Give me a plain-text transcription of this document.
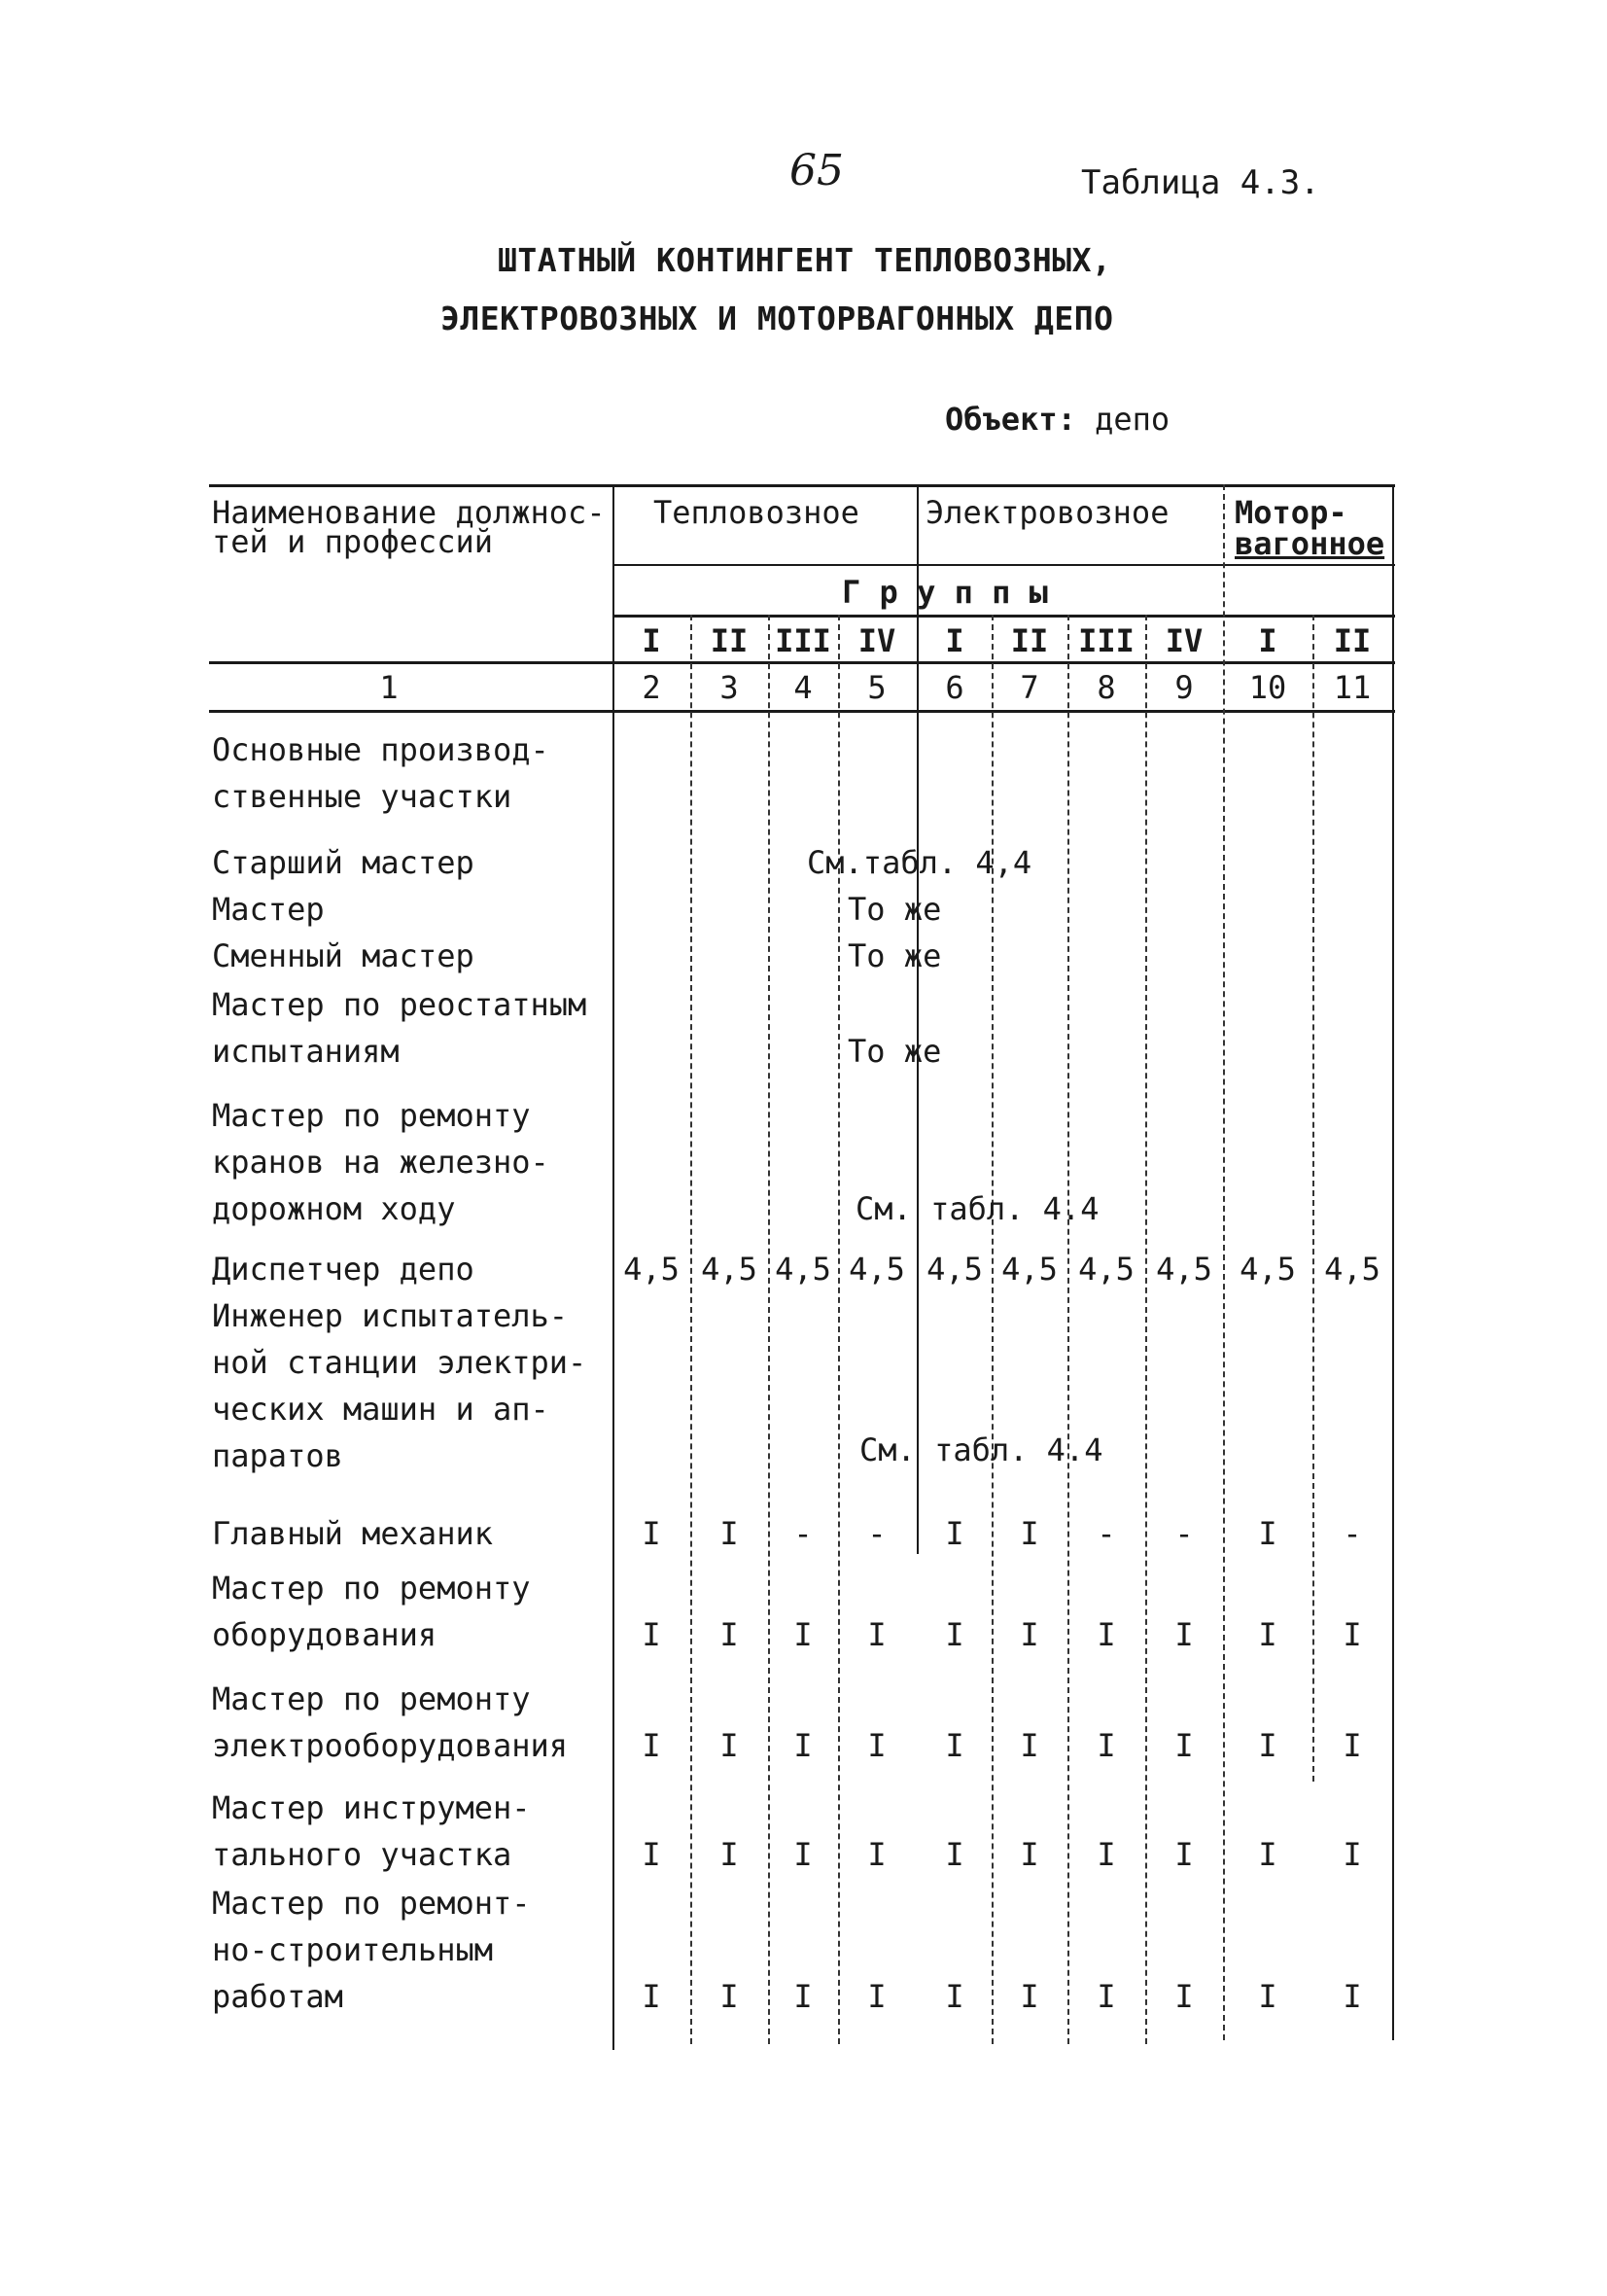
65	Таблица 4.3.
ШТАТНЫЙ КОНТИНГЕНТ ТЕПЛОВОЗНЫХ,
ЭЛЕКТРОВОЗНЫХ И МОТОРВАГОННЫХ ДЕПО
Объект: депо
Наименование должнос-
тей и профессий
Тепловозное Электровозное Мотор-
вагонное
Г р у п п ы
I	II III IV	I	II III IV	I	II
1	2	3	4	5	6	7	8	9	10	11
Основные производ-
ственные участки
Старший мастер	См.табл. 4,4
Мастер	То же
Сменный мастер	То же
Мастер по реостатным
испытаниям	То же
Мастер по ремонту
кранов на железно-
дорожном ходу	См. табл. 4.4
Диспетчер депо	4,5 4,5 4,5 4,5 4,5 4,5 4,5 4,5 4,5 4,5
Инженер испытатель-
ной станции электри-
ческих машин и ап-
паратов	См. табл. 4.4
Главный механик	I	I	-	-	I	I	-	-	I	-
Мастер по ремонту
оборудования	I	I	I	I	I	I	I	I	I	I
Мастер по ремонту
электрооборудования	I	I	I	I	I	I	I	I	I	I
Мастер инструмен-
тального участка	I	I	I	I	I	I	I	I	I	I
Мастер по ремонт-
но-строительным
работам	I	I	I	I	I	I	I	I	I	I
